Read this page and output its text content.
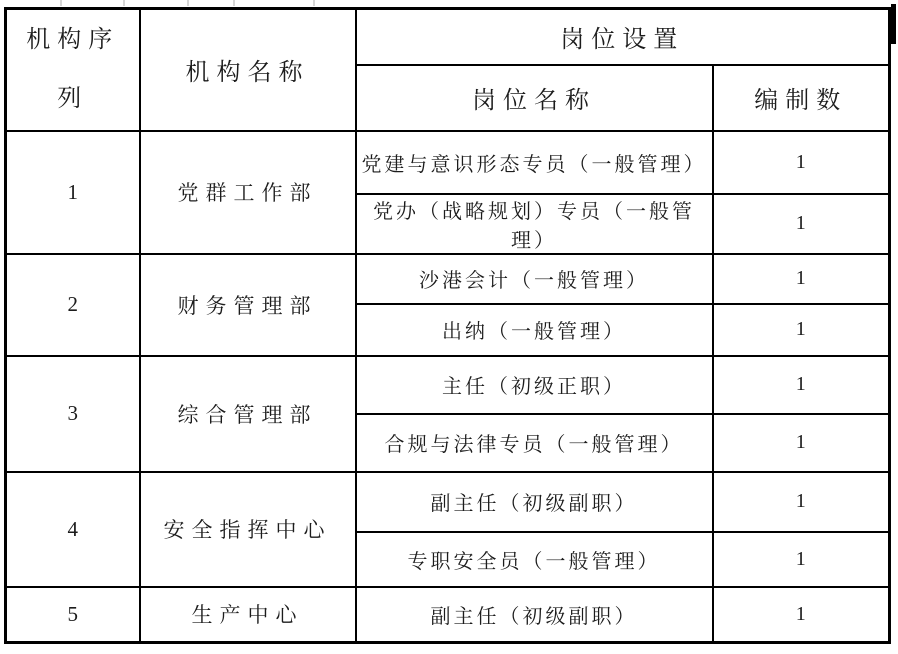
机构序列	机构名称	岗位设置	
		岗位名称	编制数
1	党群工作部	党建与意识形态专员（一般管理）	1
		党办（战略规划）专员（一般管理）	1
2	财务管理部	沙港会计（一般管理）	1
		出纳（一般管理）	1
3	综合管理部	主任（初级正职）	1
		合规与法律专员（一般管理）	1
4	安全指挥中心	副主任（初级副职）	1
		专职安全员（一般管理）	1
5	生产中心	副主任（初级副职）	1
